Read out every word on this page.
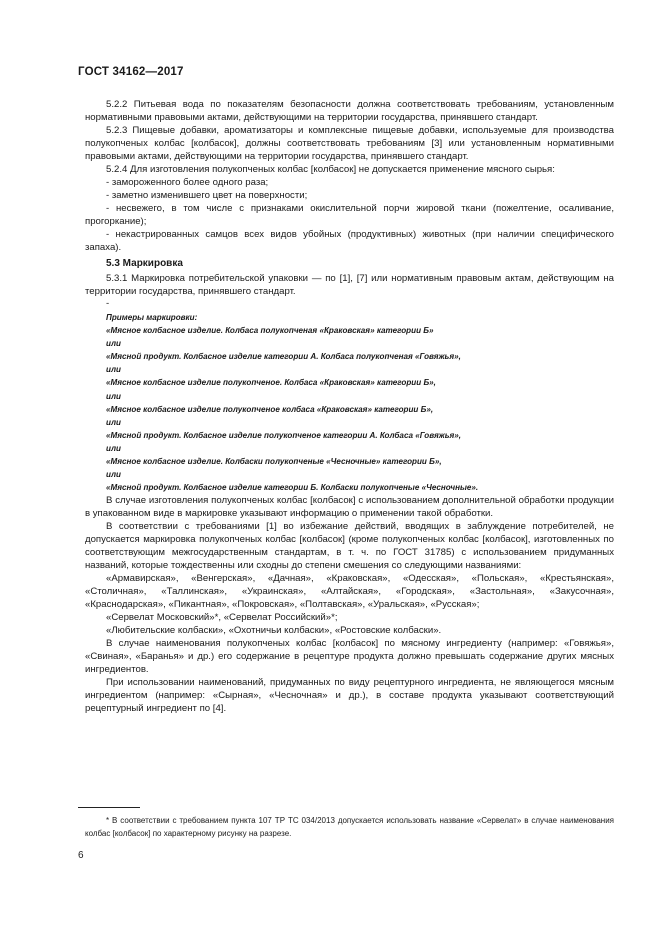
ГОСТ 34162—2017

5.2.2 Питьевая вода по показателям безопасности должна соответствовать требованиям, установленным нормативными правовыми актами, действующими на территории государства, принявшего стандарт.

5.2.3 Пищевые добавки, ароматизаторы и комплексные пищевые добавки, используемые для производства полукопченых колбас [колбасок], должны соответствовать требованиям [3] или установленным нормативными правовыми актами, действующими на территории государства, принявшего стандарт.

5.2.4 Для изготовления полукопченых колбас [колбасок] не допускается применение мясного сырья:

- замороженного более одного раза;

- заметно изменившего цвет на поверхности;

- несвежего, в том числе с признаками окислительной порчи жировой ткани (пожелтение, осаливание, прогоркание);

- некастрированных самцов всех видов убойных (продуктивных) животных (при наличии специфического запаха).

5.3 Маркировка

5.3.1 Маркировка потребительской упаковки — по [1], [7] или нормативным правовым актам, действующим на территории государства, принявшего стандарт.

-
Примеры маркировки:
«Мясное колбасное изделие. Колбаса полукопченая «Краковская» категории Б»
или
«Мясной продукт. Колбасное изделие категории А. Колбаса полукопченая «Говяжья»,
или
«Мясное колбасное изделие полукопченое. Колбаса «Краковская» категории Б»,
или
«Мясное колбасное изделие полукопченое колбаса «Краковская» категории Б»,
или
«Мясной продукт. Колбасное изделие полукопченое категории А. Колбаса «Говяжья»,
или
«Мясное колбасное изделие. Колбаски полукопченые «Чесночные» категории Б»,
или
«Мясной продукт. Колбасное изделие категории Б. Колбаски полукопченые «Чесночные».

В случае изготовления полукопченых колбас [колбасок] с использованием дополнительной обработки продукции в упакованном виде в маркировке указывают информацию о применении такой обработки.

В соответствии с требованиями [1] во избежание действий, вводящих в заблуждение потребителей, не допускается маркировка полукопченых колбас [колбасок] (кроме полукопченых колбас [колбасок], изготовленных по соответствующим межгосударственным стандартам, в т. ч. по ГОСТ 31785) с использованием придуманных названий, которые тождественны или сходны до степени смешения со следующими названиями:

«Армавирская», «Венгерская», «Дачная», «Краковская», «Одесская», «Польская», «Крестьянская», «Столичная», «Таллинская», «Украинская», «Алтайская», «Городская», «Застольная», «Закусочная», «Краснодарская», «Пикантная», «Покровская», «Полтавская», «Уральская», «Русская»;

«Сервелат Московский»*, «Сервелат Российский»*;

«Любительские колбаски», «Охотничьи колбаски», «Ростовские колбаски».

В случае наименования полукопченых колбас [колбасок] по мясному ингредиенту (например: «Говяжья», «Свиная», «Баранья» и др.) его содержание в рецептуре продукта должно превышать содержание других мясных ингредиентов.

При использовании наименований, придуманных по виду рецептурного ингредиента, не являющегося мясным ингредиентом (например: «Сырная», «Чесночная» и др.), в составе продукта указывают соответствующий рецептурный ингредиент по [4].

* В соответствии с требованием пункта 107 ТР ТС 034/2013 допускается использовать название «Сервелат» в случае наименования колбас [колбасок] по характерному рисунку на разрезе.

6
